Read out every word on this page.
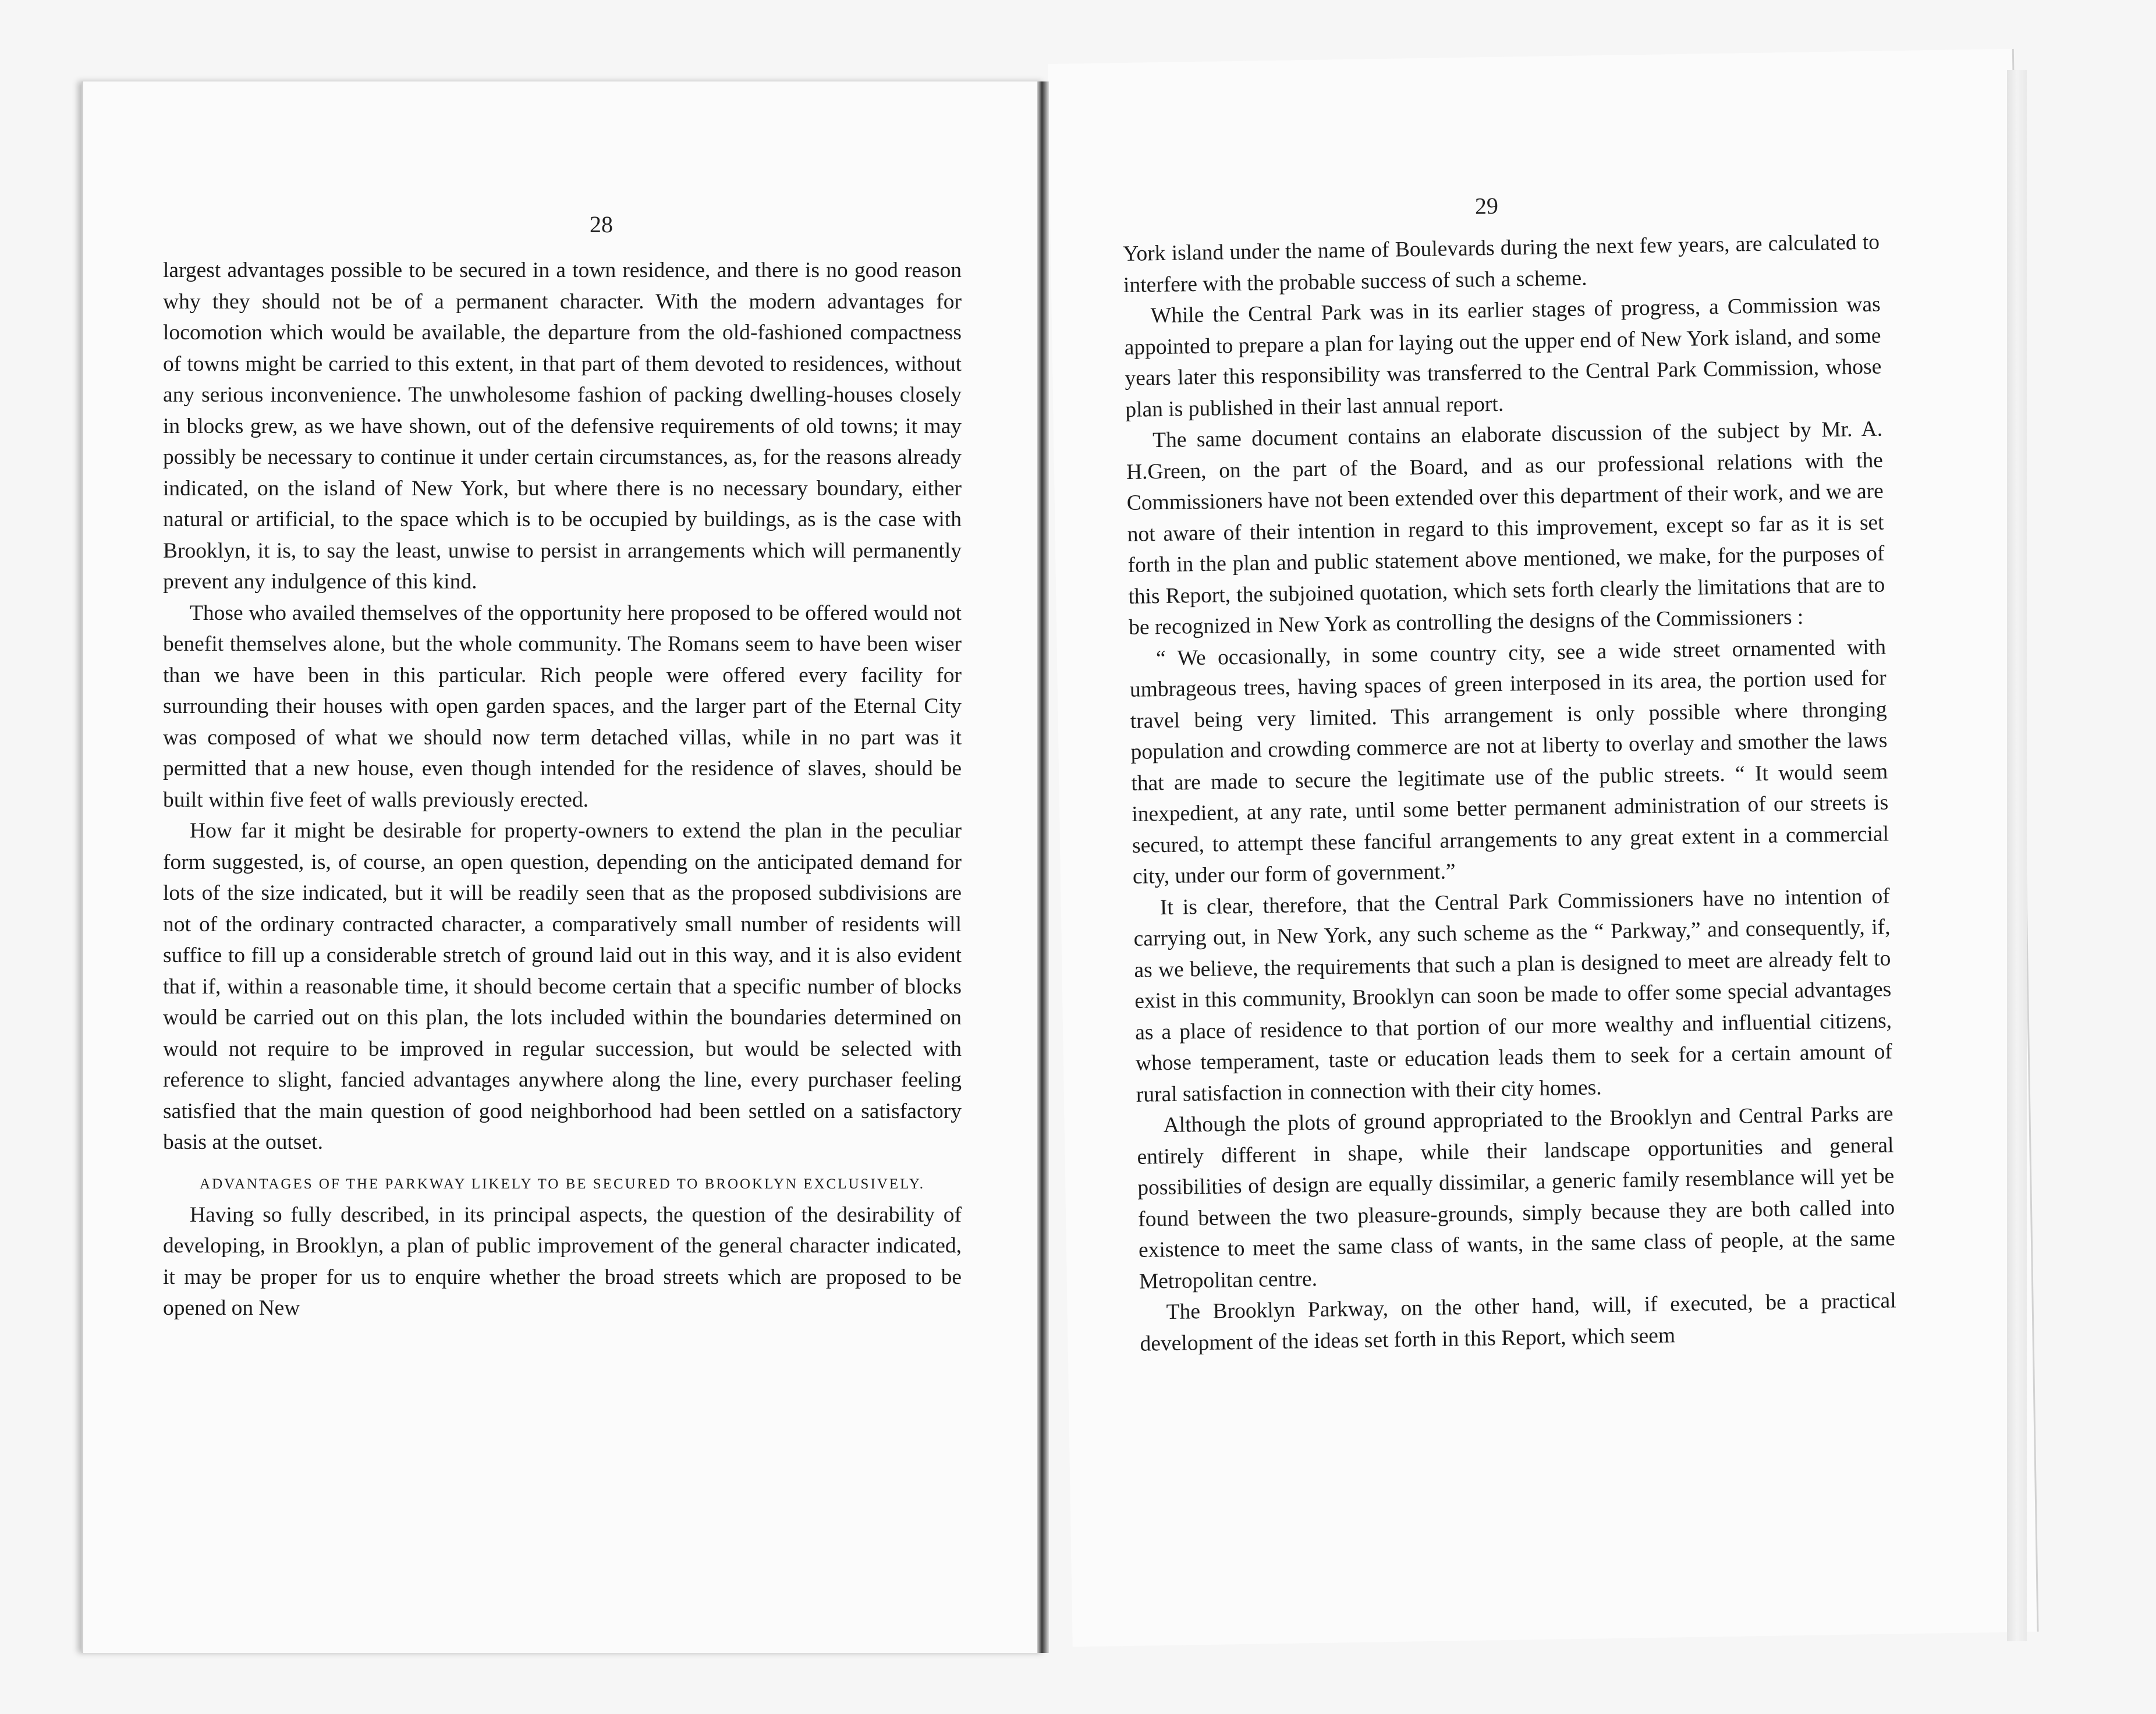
28
29

York island under the name of Boulevards during the next few years, are calculated to interfere with the probable success of such a scheme.

While the Central Park was in its earlier stages of progress, a Commission was appointed to prepare a plan for laying out the upper end of New York island, and some years later this responsibility was transferred to the Central Park Commission, whose plan is published in their last annual report.

The same document contains an elaborate discussion of the subject by Mr. A. H.Green, on the part of the Board, and as our professional relations with the Commissioners have not been extended over this department of their work, and we are not aware of their intention in regard to this improvement, except so far as it is set forth in the plan and public statement above mentioned, we make, for the purposes of this Report, the subjoined quotation, which sets forth clearly the limitations that are to be recognized in New York as controlling the designs of the Commissioners :

“ We occasionally, in some country city, see a wide street ornamented with umbrageous trees, having spaces of green interposed in its area, the portion used for travel being very limited. This arrangement is only possible where thronging population and crowding commerce are not at liberty to overlay and smother the laws that are made to secure the legitimate use of the public streets. “ It would seem inexpedient, at any rate, until some better permanent administration of our streets is secured, to attempt these fanciful arrangements to any great extent in a commercial city, under our form of government.”

It is clear, therefore, that the Central Park Commissioners have no intention of carrying out, in New York, any such scheme as the “ Parkway,” and consequently, if, as we believe, the requirements that such a plan is designed to meet are already felt to exist in this community, Brooklyn can soon be made to offer some special advantages as a place of residence to that portion of our more wealthy and influential citizens, whose temperament, taste or education leads them to seek for a certain amount of rural satisfaction in connection with their city homes.

Although the plots of ground appropriated to the Brooklyn and Central Parks are entirely different in shape, while their landscape opportunities and general possibilities of design are equally dissimilar, a generic family resemblance will yet be found between the two pleasure-grounds, simply because they are both called into existence to meet the same class of wants, in the same class of people, at the same Metropolitan centre.

The Brooklyn Parkway, on the other hand, will, if executed, be a practical development of the ideas set forth in this Report, which seem

largest advantages possible to be secured in a town residence, and there is no good reason why they should not be of a permanent character. With the modern advantages for locomotion which would be available, the departure from the old-fashioned compactness of towns might be carried to this extent, in that part of them devoted to residences, without any serious inconvenience. The unwholesome fashion of packing dwelling-houses closely in blocks grew, as we have shown, out of the defensive requirements of old towns; it may possibly be necessary to continue it under certain circumstances, as, for the reasons already indicated, on the island of New York, but where there is no necessary boundary, either natural or artificial, to the space which is to be occupied by buildings, as is the case with Brooklyn, it is, to say the least, unwise to persist in arrangements which will permanently prevent any indulgence of this kind.

Those who availed themselves of the opportunity here proposed to be offered would not benefit themselves alone, but the whole community. The Romans seem to have been wiser than we have been in this particular. Rich people were offered every facility for surrounding their houses with open garden spaces, and the larger part of the Eternal City was composed of what we should now term detached villas, while in no part was it permitted that a new house, even though intended for the residence of slaves, should be built within five feet of walls previously erected.

How far it might be desirable for property-owners to extend the plan in the peculiar form suggested, is, of course, an open question, depending on the anticipated demand for lots of the size indicated, but it will be readily seen that as the proposed subdivisions are not of the ordinary contracted character, a comparatively small number of residents will suffice to fill up a considerable stretch of ground laid out in this way, and it is also evident that if, within a reasonable time, it should become certain that a specific number of blocks would be carried out on this plan, the lots included within the boundaries determined on would not require to be improved in regular succession, but would be selected with reference to slight, fancied advantages anywhere along the line, every purchaser feeling satisfied that the main question of good neighborhood had been settled on a satisfactory basis at the outset.

ADVANTAGES OF THE PARKWAY LIKELY TO BE SECURED TO BROOKLYN EXCLUSIVELY.

Having so fully described, in its principal aspects, the question of the desirability of developing, in Brooklyn, a plan of public improvement of the general character indicated, it may be proper for us to enquire whether the broad streets which are proposed to be opened on New
